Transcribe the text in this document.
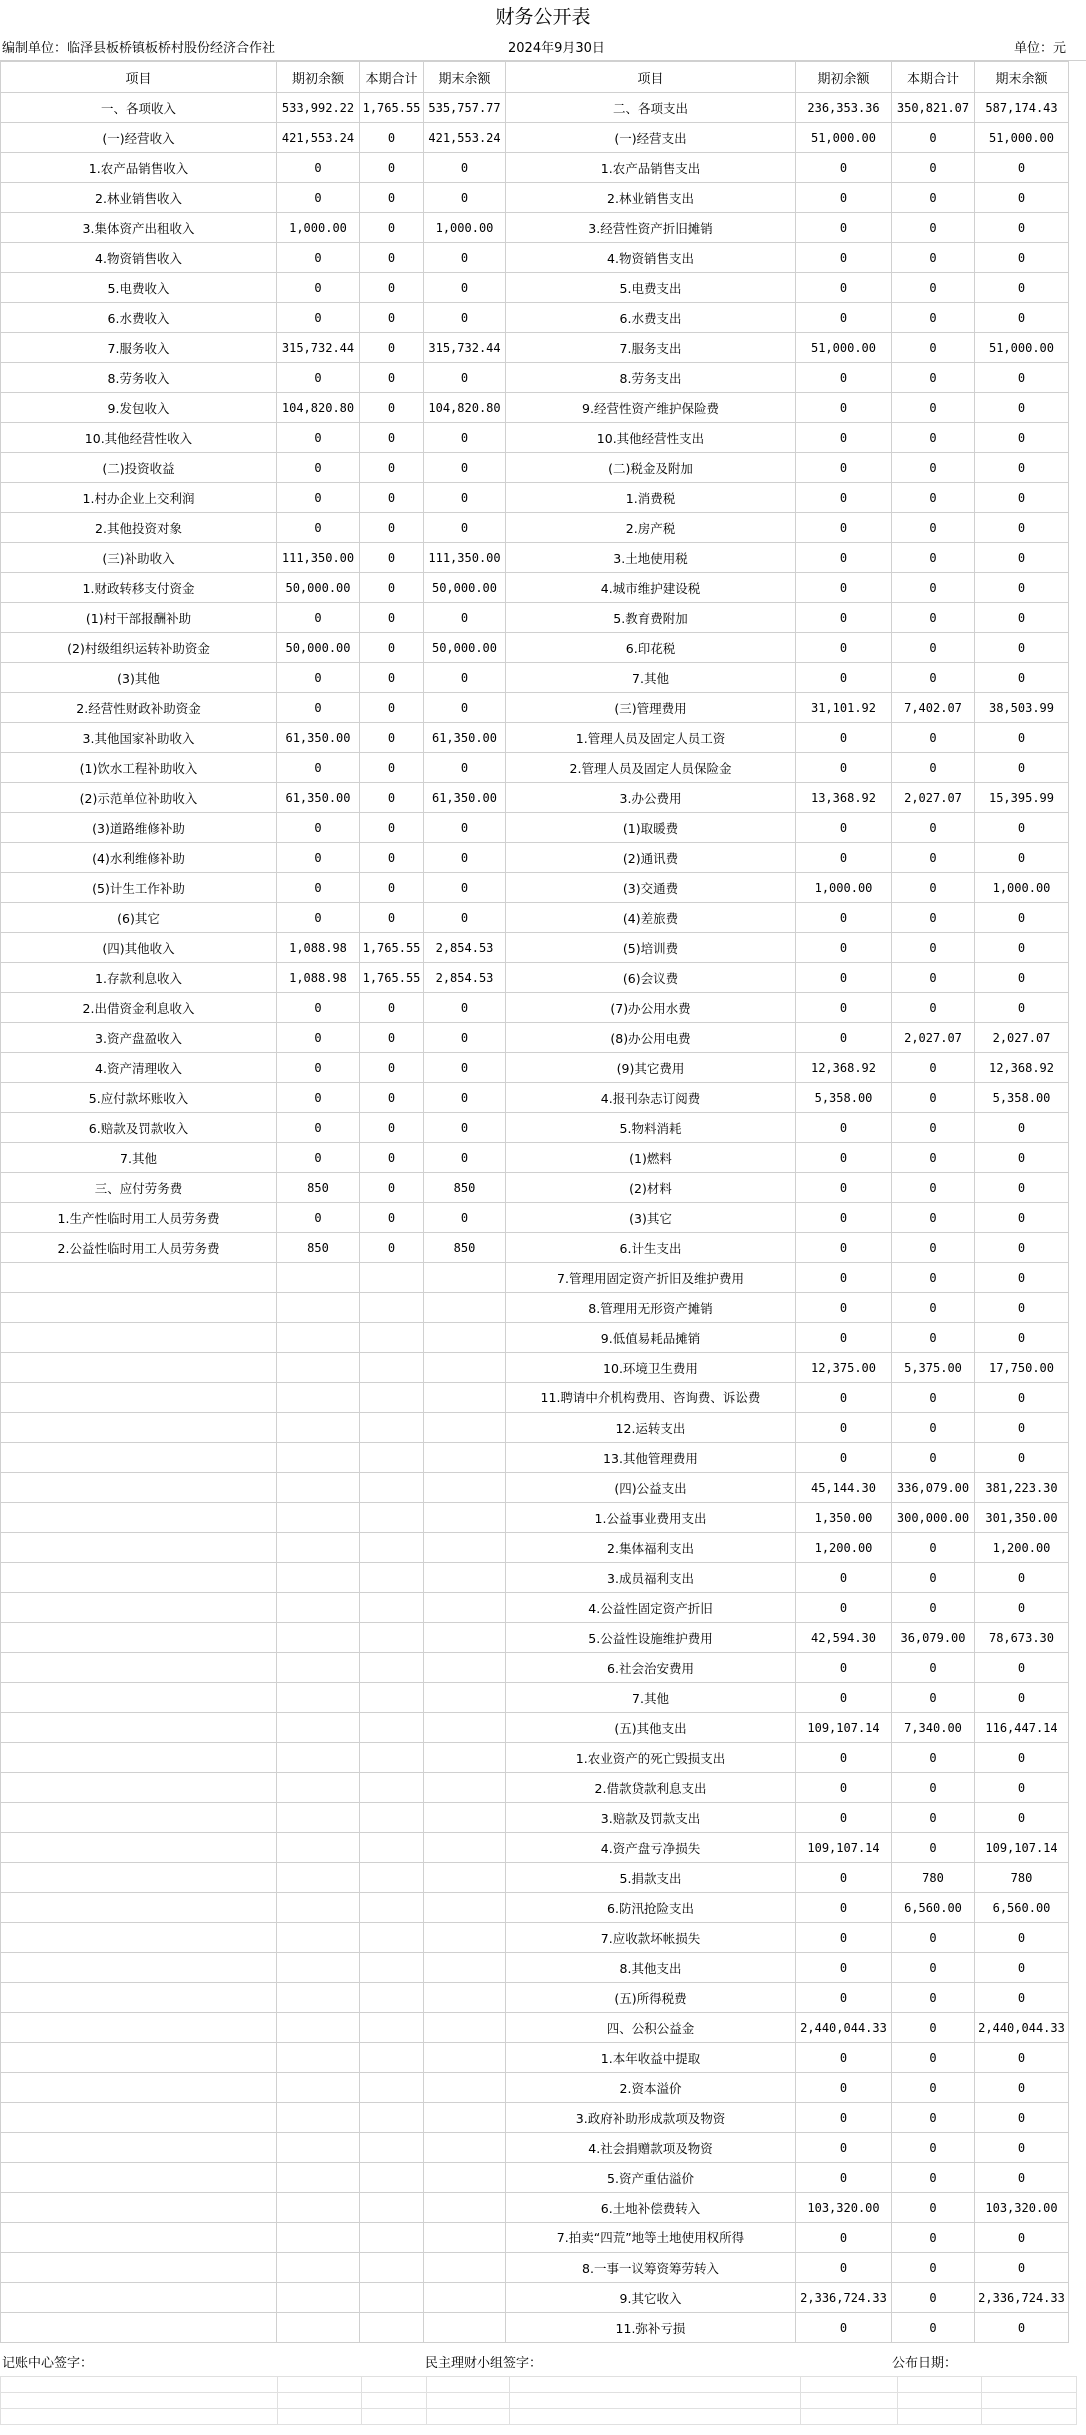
财务公开表
编制单位：临泽县板桥镇板桥村股份经济合作社	2024年9月30日	单位：元
项目	期初余额	本期合计	期末余额	项目	期初余额	本期合计	期末余额
一、各项收入	533,992.22	1,765.55	535,757.77	二、各项支出	236,353.36	350,821.07	587,174.43
(一)经营收入	421,553.24	0	421,553.24	(一)经营支出	51,000.00	0	51,000.00
1.农产品销售收入	0	0	0	1.农产品销售支出	0	0	0
2.林业销售收入	0	0	0	2.林业销售支出	0	0	0
3.集体资产出租收入	1,000.00	0	1,000.00	3.经营性资产折旧摊销	0	0	0
4.物资销售收入	0	0	0	4.物资销售支出	0	0	0
5.电费收入	0	0	0	5.电费支出	0	0	0
6.水费收入	0	0	0	6.水费支出	0	0	0
7.服务收入	315,732.44	0	315,732.44	7.服务支出	51,000.00	0	51,000.00
8.劳务收入	0	0	0	8.劳务支出	0	0	0
9.发包收入	104,820.80	0	104,820.80	9.经营性资产维护保险费	0	0	0
10.其他经营性收入	0	0	0	10.其他经营性支出	0	0	0
(二)投资收益	0	0	0	(二)税金及附加	0	0	0
1.村办企业上交利润	0	0	0	1.消费税	0	0	0
2.其他投资对象	0	0	0	2.房产税	0	0	0
(三)补助收入	111,350.00	0	111,350.00	3.土地使用税	0	0	0
1.财政转移支付资金	50,000.00	0	50,000.00	4.城市维护建设税	0	0	0
(1)村干部报酬补助	0	0	0	5.教育费附加	0	0	0
(2)村级组织运转补助资金	50,000.00	0	50,000.00	6.印花税	0	0	0
(3)其他	0	0	0	7.其他	0	0	0
2.经营性财政补助资金	0	0	0	(三)管理费用	31,101.92	7,402.07	38,503.99
3.其他国家补助收入	61,350.00	0	61,350.00	1.管理人员及固定人员工资	0	0	0
(1)饮水工程补助收入	0	0	0	2.管理人员及固定人员保险金	0	0	0
(2)示范单位补助收入	61,350.00	0	61,350.00	3.办公费用	13,368.92	2,027.07	15,395.99
(3)道路维修补助	0	0	0	(1)取暖费	0	0	0
(4)水利维修补助	0	0	0	(2)通讯费	0	0	0
(5)计生工作补助	0	0	0	(3)交通费	1,000.00	0	1,000.00
(6)其它	0	0	0	(4)差旅费	0	0	0
(四)其他收入	1,088.98	1,765.55	2,854.53	(5)培训费	0	0	0
1.存款利息收入	1,088.98	1,765.55	2,854.53	(6)会议费	0	0	0
2.出借资金利息收入	0	0	0	(7)办公用水费	0	0	0
3.资产盘盈收入	0	0	0	(8)办公用电费	0	2,027.07	2,027.07
4.资产清理收入	0	0	0	(9)其它费用	12,368.92	0	12,368.92
5.应付款坏账收入	0	0	0	4.报刊杂志订阅费	5,358.00	0	5,358.00
6.赔款及罚款收入	0	0	0	5.物料消耗	0	0	0
7.其他	0	0	0	(1)燃料	0	0	0
三、应付劳务费	850	0	850	(2)材料	0	0	0
1.生产性临时用工人员劳务费	0	0	0	(3)其它	0	0	0
2.公益性临时用工人员劳务费	850	0	850	6.计生支出	0	0	0
				7.管理用固定资产折旧及维护费用	0	0	0
				8.管理用无形资产摊销	0	0	0
				9.低值易耗品摊销	0	0	0
				10.环境卫生费用	12,375.00	5,375.00	17,750.00
				11.聘请中介机构费用、咨询费、诉讼费	0	0	0
				12.运转支出	0	0	0
				13.其他管理费用	0	0	0
				(四)公益支出	45,144.30	336,079.00	381,223.30
				1.公益事业费用支出	1,350.00	300,000.00	301,350.00
				2.集体福利支出	1,200.00	0	1,200.00
				3.成员福利支出	0	0	0
				4.公益性固定资产折旧	0	0	0
				5.公益性设施维护费用	42,594.30	36,079.00	78,673.30
				6.社会治安费用	0	0	0
				7.其他	0	0	0
				(五)其他支出	109,107.14	7,340.00	116,447.14
				1.农业资产的死亡毁损支出	0	0	0
				2.借款贷款利息支出	0	0	0
				3.赔款及罚款支出	0	0	0
				4.资产盘亏净损失	109,107.14	0	109,107.14
				5.捐款支出	0	780	780
				6.防汛抢险支出	0	6,560.00	6,560.00
				7.应收款坏帐损失	0	0	0
				8.其他支出	0	0	0
				(五)所得税费	0	0	0
				四、公积公益金	2,440,044.33	0	2,440,044.33
				1.本年收益中提取	0	0	0
				2.资本溢价	0	0	0
				3.政府补助形成款项及物资	0	0	0
				4.社会捐赠款项及物资	0	0	0
				5.资产重估溢价	0	0	0
				6.土地补偿费转入	103,320.00	0	103,320.00
				7.拍卖“四荒”地等土地使用权所得	0	0	0
				8.一事一议筹资筹劳转入	0	0	0
				9.其它收入	2,336,724.33	0	2,336,724.33
				11.弥补亏损	0	0	0
记账中心签字：	民主理财小组签字：	公布日期：
